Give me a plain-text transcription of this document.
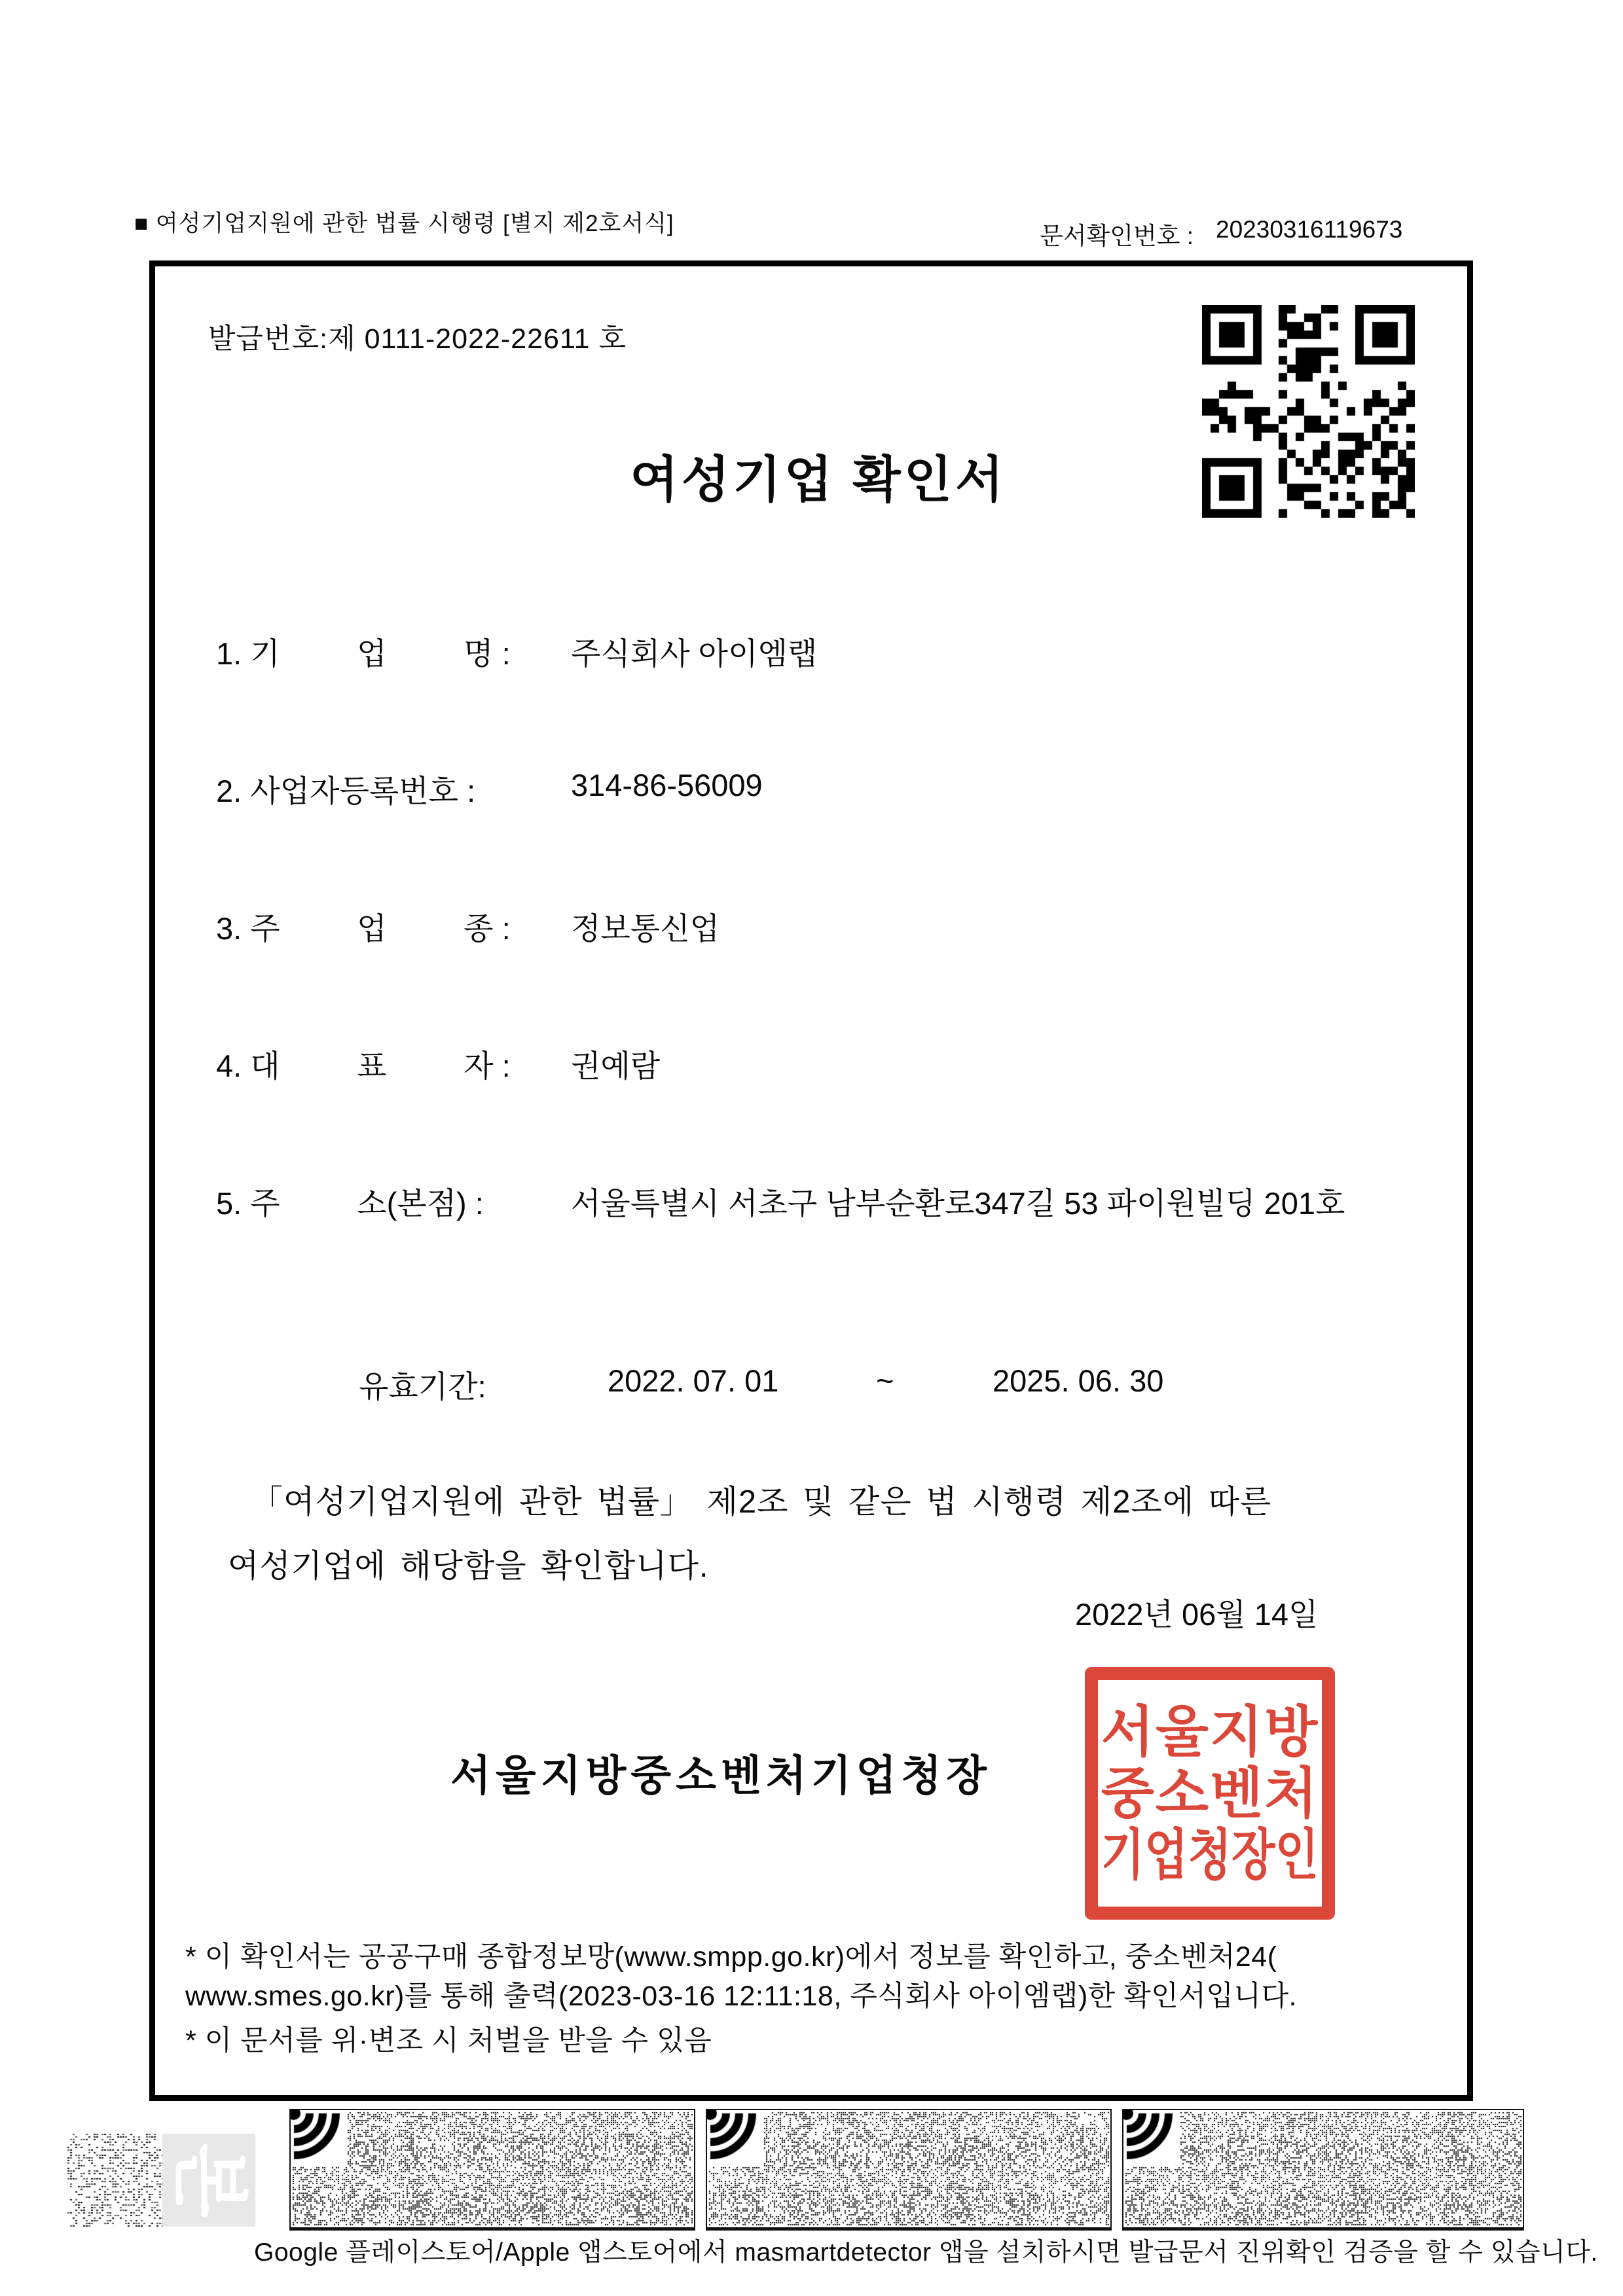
■ 여성기업지원에 관한 법률 시행령 [별지 제2호서식]	문서확인번호 : 20230316119673
발급번호:제 0111-2022-22611 호
여성기업 확인서
1. 기         업         명 : 주식회사 아이엠랩
2. 사업자등록번호 :	314-86-56009
3. 주         업         종 : 정보통신업
4. 대         표         자 : 권예람
5. 주         소(본점) :	서울특별시 서초구 남부순환로347길 53 파이원빌딩 201호
유효기간:	2022. 07. 01	~	2025. 06. 30
「여성기업지원에 관한 법률」 제2조 및 같은 법 시행령 제2조에 따른
여성기업에 해당함을 확인합니다.
2022년 06월 14일
서울지방중소벤처기업청장
서울지방
중소벤처
기업청장인
* 이 확인서는 공공구매 종합정보망(www.smpp.go.kr)에서 정보를 확인하고, 중소벤처24(
www.smes.go.kr)를 통해 출력(2023-03-16 12:11:18, 주식회사 아이엠랩)한 확인서입니다.
* 이 문서를 위·변조 시 처벌을 받을 수 있음
본
Google 플레이스토어/Apple 앱스토어에서 masmartdetector 앱을 설치하시면 발급문서 진위확인 검증을 할 수 있습니다.
